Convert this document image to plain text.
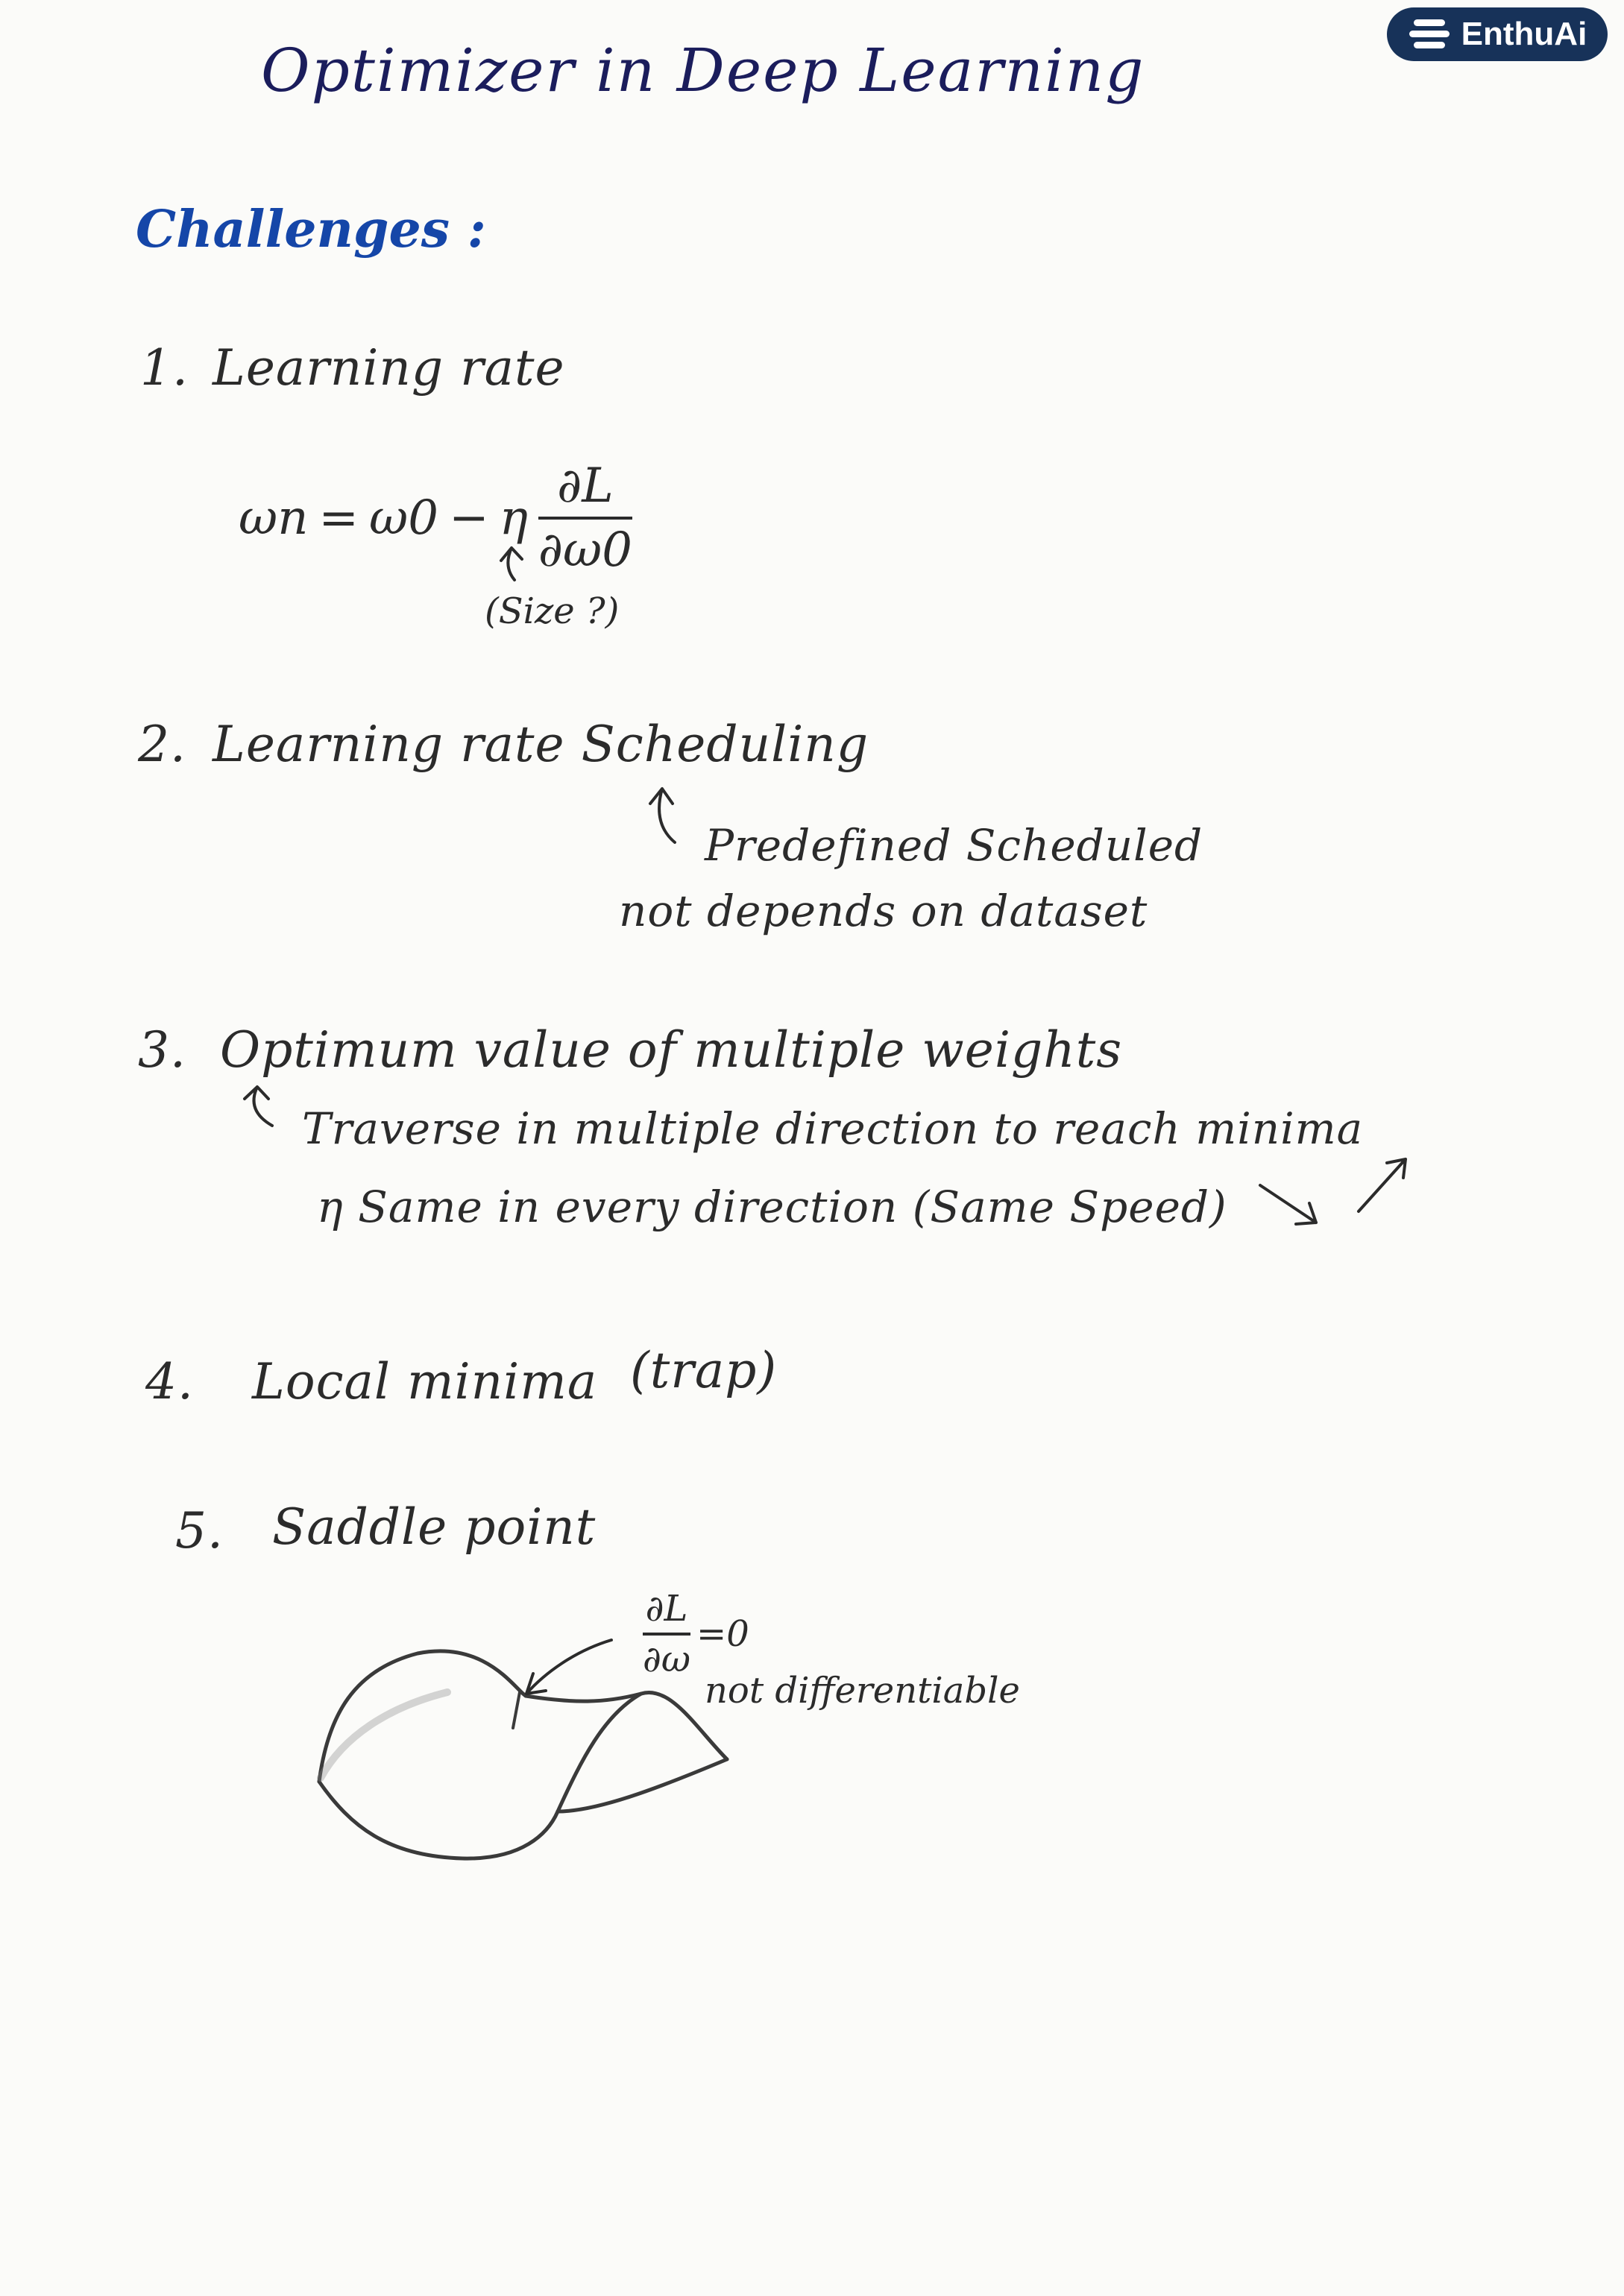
EnthuAi
Optimizer in Deep Learning
Challenges :
1. Learning rate
ωn = ω0 − η $\frac{\partial L}{\partial\omega 0}$
(Size ?)
2. Learning rate Scheduling
Predefined Scheduled
not depends on dataset
3. Optimum value of multiple weights
Traverse in multiple direction to reach minima
η Same in every direction (Same Speed)
4. Local minima (trap)
5. Saddle point
$\frac{\partial L}{\partial\omega} =0$
not differentiable
